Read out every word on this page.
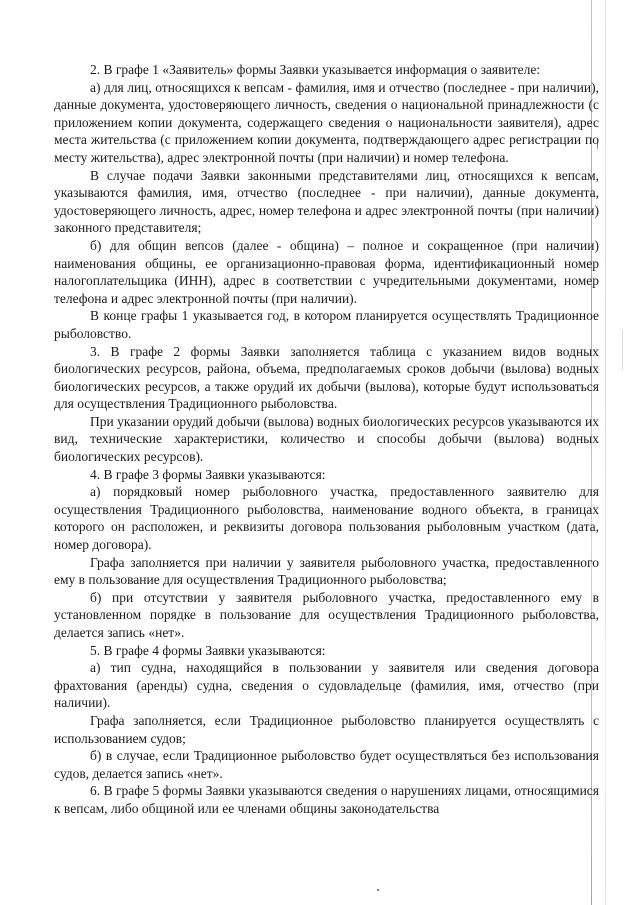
2. В графе 1 «Заявитель» формы Заявки указывается информация о заявителе:

а) для лиц, относящихся к вепсам - фамилия, имя и отчество (последнее - при наличии), данные документа, удостоверяющего личность, сведения о национальной принадлежности (с приложением копии документа, содержащего сведения о национальности заявителя), адрес места жительства (с приложением копии документа, подтверждающего адрес регистрации по месту жительства), адрес электронной почты (при наличии) и номер телефона.

В случае подачи Заявки законными представителями лиц, относящихся к вепсам, указываются фамилия, имя, отчество (последнее - при наличии), данные документа, удостоверяющего личность, адрес, номер телефона и адрес электронной почты (при наличии) законного представителя;

б) для общин вепсов (далее - община) – полное и сокращенное (при наличии) наименования общины, ее организационно-правовая форма, идентификационный номер налогоплательщика (ИНН), адрес в соответствии с учредительными документами, номер телефона и адрес электронной почты (при наличии).

В конце графы 1 указывается год, в котором планируется осуществлять Традиционное рыболовство.

3. В графе 2 формы Заявки заполняется таблица с указанием видов водных биологических ресурсов, района, объема, предполагаемых сроков добычи (вылова) водных биологических ресурсов, а также орудий их добычи (вылова), которые будут использоваться для осуществления Традиционного рыболовства.

При указании орудий добычи (вылова) водных биологических ресурсов указываются их вид, технические характеристики, количество и способы добычи (вылова) водных биологических ресурсов).

4. В графе 3 формы Заявки указываются:

а) порядковый номер рыболовного участка, предоставленного заявителю для осуществления Традиционного рыболовства, наименование водного объекта, в границах которого он расположен, и реквизиты договора пользования рыболовным участком (дата, номер договора).

Графа заполняется при наличии у заявителя рыболовного участка, предоставленного ему в пользование для осуществления Традиционного рыболовства;

б) при отсутствии у заявителя рыболовного участка, предоставленного ему в установленном порядке в пользование для осуществления Традиционного рыболовства, делается запись «нет».

5. В графе 4 формы Заявки указываются:

а) тип судна, находящийся в пользовании у заявителя или сведения договора фрахтования (аренды) судна, сведения о судовладельце (фамилия, имя, отчество (при наличии).

Графа заполняется, если Традиционное рыболовство планируется осуществлять с использованием судов;

б) в случае, если Традиционное рыболовство будет осуществляться без использования судов, делается запись «нет».

6. В графе 5 формы Заявки указываются сведения о нарушениях лицами, относящимися к вепсам, либо общиной или ее членами общины законодательства
